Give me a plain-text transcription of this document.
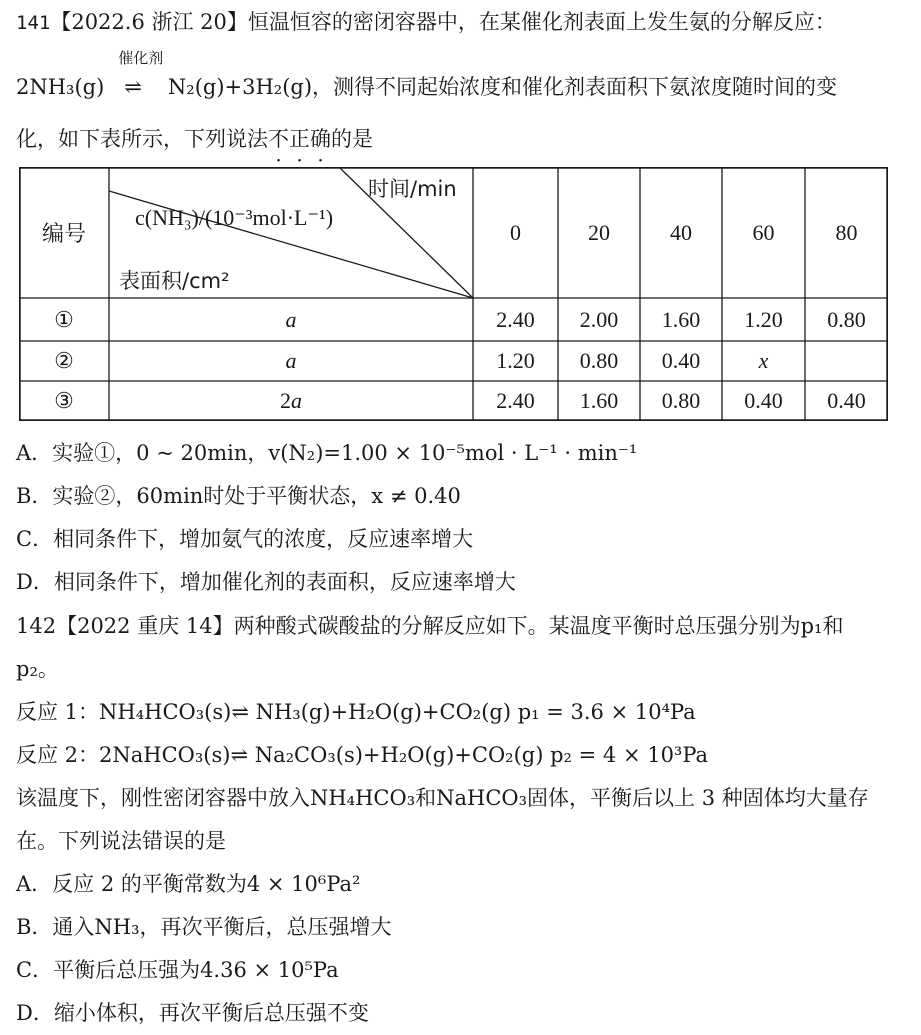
141【2022.6 浙江 20】恒温恒容的密闭容器中，在某催化剂表面上发生氨的分解反应：
2NH₃(g)
催化剂
⇌ N₂(g)+3H₂(g)，测得不同起始浓度和催化剂表面积下氨浓度随时间的变
化，如下表所示，下列说法不正确的是
编号
时间/min
c(NH₃)/(10⁻³mol·L⁻¹)
表面积/cm²
0	20	40	60	80
①	a	2.40	2.00	1.60	1.20	0.80
②	a	1.20	0.80	0.40	x
③	2 a	2.40	1.60	0.80	0.40	0.40
A．实验①，0 ~ 20min，v(N₂)=1.00 × 10⁻⁵mol · L⁻¹ · min⁻¹
B．实验②，60min时处于平衡状态，x ≠ 0.40
C．相同条件下，增加氨气的浓度，反应速率增大
D．相同条件下，增加催化剂的表面积，反应速率增大
142【2022 重庆 14】两种酸式碳酸盐的分解反应如下。某温度平衡时总压强分别为p₁和
p₂。
反应 1：NH₄HCO₃(s)⇌ NH₃(g)+H₂O(g)+CO₂(g) p₁ = 3.6 × 10⁴Pa
反应 2：2NaHCO₃(s)⇌ Na₂CO₃(s)+H₂O(g)+CO₂(g) p₂ = 4 × 10³Pa
该温度下，刚性密闭容器中放入NH₄HCO₃和NaHCO₃固体，平衡后以上 3 种固体均大量存
在。下列说法错误的是
A．反应 2 的平衡常数为4 × 10⁶Pa²
B．通入NH₃，再次平衡后，总压强增大
C．平衡后总压强为4.36 × 10⁵Pa
D．缩小体积，再次平衡后总压强不变
